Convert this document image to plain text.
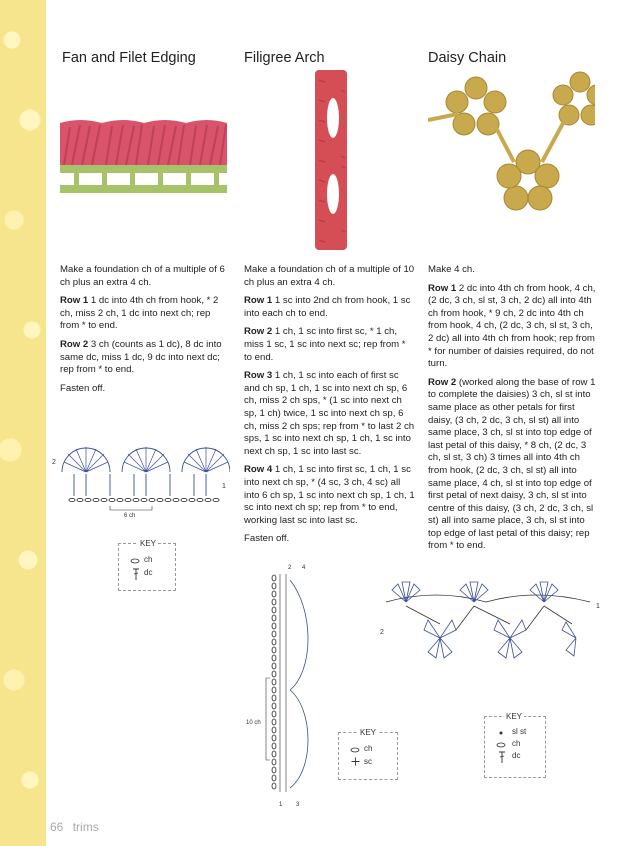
Fan and Filet Edging

Make a foundation ch of a multiple of 6 ch plus an extra 4 ch.

Row 1 1 dc into 4th ch from hook, * 2 ch, miss 2 ch, 1 dc into next ch; rep from * to end.

Row 2 3 ch (counts as 1 dc), 8 dc into same dc, miss 1 dc, 9 dc into next dc; rep from * to end.

Fasten off.

2
1
6 ch
KEY
ch
dc
Filigree Arch

Make a foundation ch of a multiple of 10 ch plus an extra 4 ch.

Row 1 1 sc into 2nd ch from hook, 1 sc into each ch to end.

Row 2 1 ch, 1 sc into first sc, * 1 ch, miss 1 sc, 1 sc into next sc; rep from * to end.

Row 3 1 ch, 1 sc into each of first sc and ch sp, 1 ch, 1 sc into next ch sp, 6 ch, miss 2 ch sps, * (1 sc into next ch sp, 1 ch) twice, 1 sc into next ch sp, 6 ch, miss 2 ch sps; rep from * to last 2 ch sps, 1 sc into next ch sp, 1 ch, 1 sc into next ch sp, 1 sc into last sc.

Row 4 1 ch, 1 sc into first sc, 1 ch, 1 sc into next ch sp, * (4 sc, 3 ch, 4 sc) all into 6 ch sp, 1 sc into next ch sp, 1 ch, 1 sc into next ch sp; rep from * to end, working last sc into last sc.

Fasten off.

2 4
1 3
10 ch
KEY
ch
sc
Daisy Chain

Make 4 ch.

Row 1 2 dc into 4th ch from hook, 4 ch, (2 dc, 3 ch, sl st, 3 ch, 2 dc) all into 4th ch from hook, * 9 ch, 2 dc into 4th ch from hook, 4 ch, (2 dc, 3 ch, sl st, 3 ch, 2 dc) all into 4th ch from hook; rep from * for number of daisies required, do not turn.

Row 2 (worked along the base of row 1 to complete the daisies) 3 ch, sl st into same place as other petals for first daisy, (3 ch, 2 dc, 3 ch, sl st) all into same place, 3 ch, sl st into top edge of last petal of this daisy, * 8 ch, (2 dc, 3 ch, sl st, 3 ch) 3 times all into 4th ch from hook, (2 dc, 3 ch, sl st) all into same place, 4 ch, sl st into top edge of first petal of next daisy, 3 ch, sl st into centre of this daisy, (3 ch, 2 dc, 3 ch, sl st) all into same place, 3 ch, sl st into top edge of last petal of this daisy; rep from * to end.

1
2
KEY
sl st
ch
dc
66 trims
